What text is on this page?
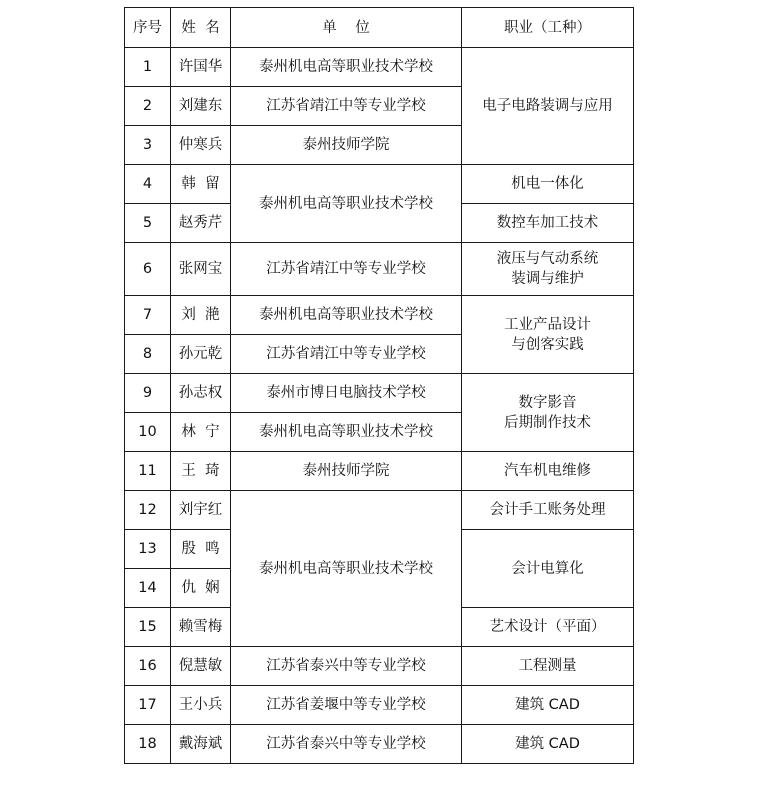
序号	姓  名	单    位	职业（工种）
1	许国华	泰州机电高等职业技术学校	电子电路装调与应用
2	刘建东	江苏省靖江中等专业学校	
3	仲寒兵	泰州技师学院	
4	韩  留	泰州机电高等职业技术学校	机电一体化
5	赵秀芹		数控车加工技术
6	张网宝	江苏省靖江中等专业学校	液压与气动系统
装调与维护
7	刘  滟	泰州机电高等职业技术学校	工业产品设计
与创客实践
8	孙元乾	江苏省靖江中等专业学校	
9	孙志权	泰州市博日电脑技术学校	数字影音
后期制作技术
10	林  宁	泰州机电高等职业技术学校	
11	王  琦	泰州技师学院	汽车机电维修
12	刘宇红	泰州机电高等职业技术学校	会计手工账务处理
13	殷  鸣		会计电算化
14	仇  娴		
15	赖雪梅		艺术设计（平面）
16	倪慧敏	江苏省泰兴中等专业学校	工程测量
17	王小兵	江苏省姜堰中等专业学校	建筑 CAD
18	戴海斌	江苏省泰兴中等专业学校	建筑 CAD
